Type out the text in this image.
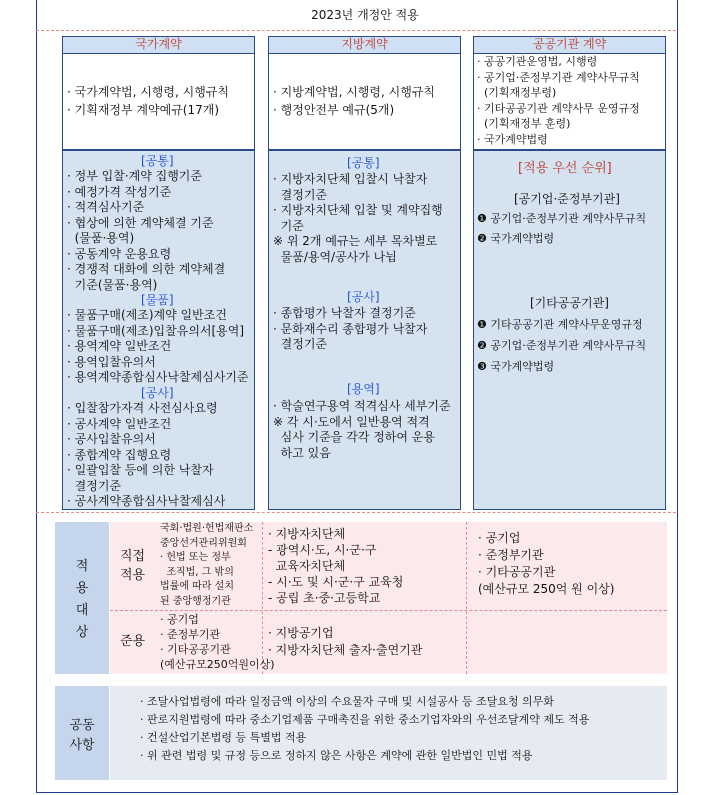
2023년 개정안 적용
국가계약
· 국가계약법, 시행령, 시행규칙
· 기획재정부 계약예규(17개)
[공통]
· 정부 입찰·계약 집행기준
· 예정가격 작성기준
· 적격심사기준
· 협상에 의한 계약체결 기준
(물품·용역)
· 공동계약 운용요령
· 경쟁적 대화에 의한 계약체결
기준(물품·용역)
[물품]
· 물품구매(제조)계약 일반조건
· 물품구매(제조)입찰유의서[용역]
· 용역계약 일반조건
· 용역입찰유의서
· 용역계약종합심사낙찰제심사기준
[공사]
· 입찰참가자격 사전심사요령
· 공사계약 일반조건
· 공사입찰유의서
· 종합계약 집행요령
· 일괄입찰 등에 의한 낙찰자
결정기준
· 공사계약종합심사낙찰제심사
지방계약
· 지방계약법, 시행령, 시행규칙
· 행정안전부 예규(5개)
[공통]
· 지방자치단체 입찰시 낙찰자
결정기준
· 지방자치단체 입찰 및 계약집행
기준
※ 위 2개 예규는 세부 목차별로
물품/용역/공사가 나뉨
[공사]
· 종합평가 낙찰자 결정기준
· 문화재수리 종합평가 낙찰자
결정기준
[용역]
· 학술연구용역 적격심사 세부기준
※ 각 시·도에서 일반용역 적격
심사 기준을 각각 정하여 운용
하고 있음
공공기관 계약
· 공공기관운영법, 시행령
· 공기업·준정부기관 계약사무규칙
(기획재정부령)
· 기타공공기관 계약사무 운영규정
(기획재정부 훈령)
· 국가계약법령
[적용 우선 순위]
[공기업·준정부기관]
❶ 공기업·준정부기관 계약사무규칙
❷ 국가계약법령
[기타공공기관]
❶ 기타공공기관 계약사무운영규정
❷ 공기업·준정부기관 계약사무규칙
❸ 국가계약법령
적
용
대
상
직접
적용
준용
국회·법원·헌법재판소
중앙선거관리위원회
· 헌법 또는 정부
조직법, 그 밖의
법률에 따라 설치
된 중앙행정기관
· 지방자치단체
- 광역시·도, 시·군·구
교육자치단체
- 시·도 및 시·군·구 교육청
- 공립 초·중·고등학교
· 공기업
· 준정부기관
· 기타공공기관
(예산규모 250억 원 이상)
· 공기업
· 준정부기관
· 기타공공기관
(예산규모250억원이상)
· 지방공기업
· 지방자치단체 출자·출연기관
공동
사항
· 조달사업법령에 따라 일정금액 이상의 수요물자 구매 및 시설공사 등 조달요청 의무화
· 판로지원법령에 따라 중소기업제품 구매촉진을 위한 중소기업자와의 우선조달계약 제도 적용
· 건설산업기본법령 등 특별법 적용
· 위 관련 법령 및 규정 등으로 정하지 않은 사항은 계약에 관한 일반법인 민법 적용
